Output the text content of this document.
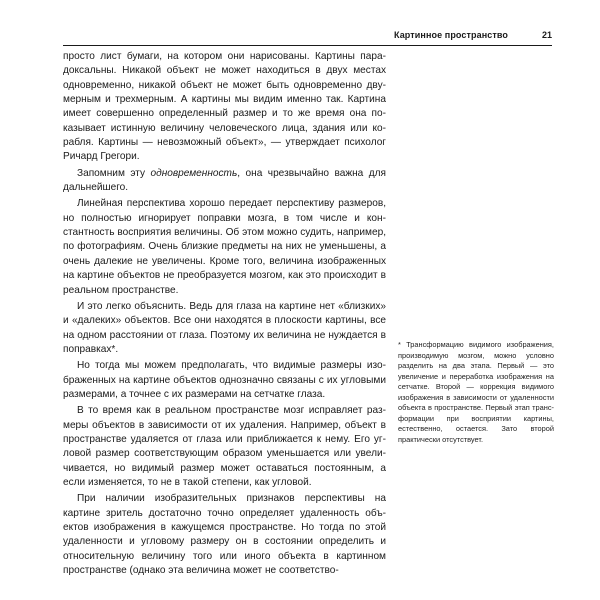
Картинное пространство	21

просто лист бумаги, на котором они нарисованы. Картины парадоксальны. Никакой объект не может находиться в двух местах одновременно, никакой объект не может быть одновременно двумерным и трехмерным. А картины мы видим именно так. Картина имеет совершенно определенный размер и то же время она показывает истинную величину человеческого лица, здания или корабля. Картины — невозможный объект», — утверждает психолог Ричард Грегори.

Запомним эту одновременность, она чрезвычайно важна для дальнейшего.

Линейная перспектива хорошо передает перспективу размеров, но полностью игнорирует поправки мозга, в том числе и константность восприятия величины. Об этом можно судить, например, по фотографиям. Очень близкие предметы на них не уменьшены, а очень далекие не увеличены. Кроме того, величина изображенных на картине объектов не преобразуется мозгом, как это происходит в реальном пространстве.

И это легко объяснить. Ведь для глаза на картине нет «близких» и «далеких» объектов. Все они находятся в плоскости картины, все на одном расстоянии от глаза. Поэтому их величина не нуждается в поправках*.

Но тогда мы можем предполагать, что видимые размеры изображенных на картине объектов однозначно связаны с их угловыми размерами, а точнее с их размерами на сетчатке глаза.

В то время как в реальном пространстве мозг исправляет размеры объектов в зависимости от их удаления. Например, объект в пространстве удаляется от глаза или приближается к нему. Его угловой размер соответствующим образом уменьшается или увеличивается, но видимый размер может оставаться постоянным, а если изменяется, то не в такой степени, как угловой.

При наличии изобразительных признаков перспективы на картине зритель достаточно точно определяет удаленность объектов изображения в кажущемся пространстве. Но тогда по этой удаленности и угловому размеру он в состоянии определить и относительную величину того или иного объекта в картинном пространстве (однако эта величина может не соответство-

* Трансформацию видимого изображения, производимую мозгом, можно условно разделить на два этапа. Первый — это увеличение и переработка изображения на сетчатке. Второй — коррекция видимого изображения в зависимости от удаленности объекта в пространстве. Первый этап трансформации при восприятии картины, естественно, остается. Зато второй практически отсутствует.
